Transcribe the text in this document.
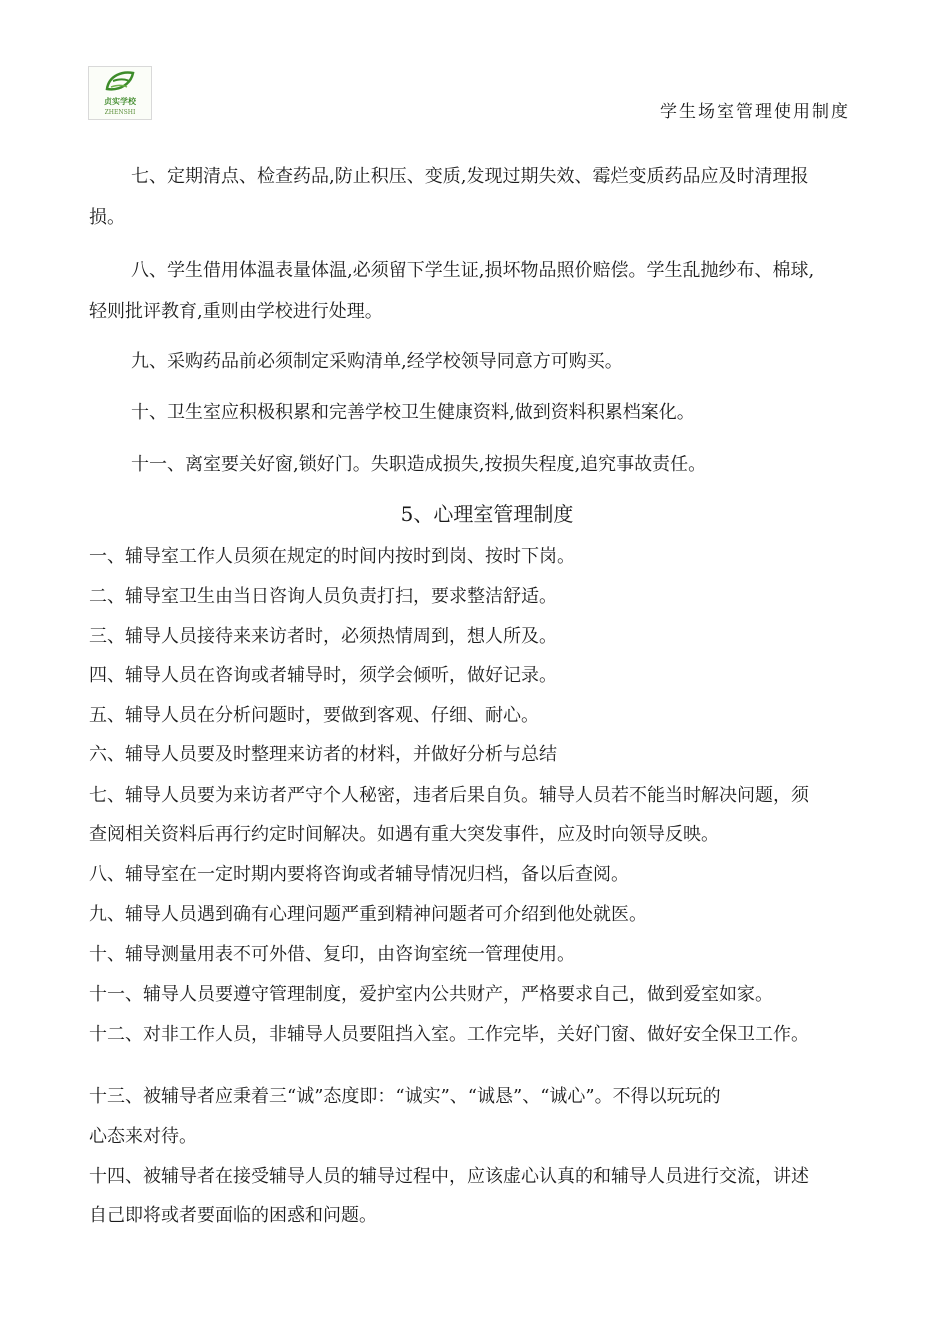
贞实学校
ZHENSHI	学生场室管理使用制度
七、定期清点、检查药品,防止积压、变质,发现过期失效、霉烂变质药品应及时清理报
损。
八、学生借用体温表量体温,必须留下学生证,损坏物品照价赔偿。学生乱抛纱布、棉球,
轻则批评教育,重则由学校进行处理。
九、采购药品前必须制定采购清单,经学校领导同意方可购买。
十、卫生室应积极积累和完善学校卫生健康资料,做到资料积累档案化。
十一、离室要关好窗,锁好门。失职造成损失,按损失程度,追究事故责任。
5、心理室管理制度
一、辅导室工作人员须在规定的时间内按时到岗、按时下岗。
二、辅导室卫生由当日咨询人员负责打扫，要求整洁舒适。
三、辅导人员接待来来访者时，必须热情周到，想人所及。
四、辅导人员在咨询或者辅导时，须学会倾听，做好记录。
五、辅导人员在分析问题时，要做到客观、仔细、耐心。
六、辅导人员要及时整理来访者的材料，并做好分析与总结
七、辅导人员要为来访者严守个人秘密，违者后果自负。辅导人员若不能当时解决问题，须
查阅相关资料后再行约定时间解决。如遇有重大突发事件，应及时向领导反映。
八、辅导室在一定时期内要将咨询或者辅导情况归档，备以后查阅。
九、辅导人员遇到确有心理问题严重到精神问题者可介绍到他处就医。
十、辅导测量用表不可外借、复印，由咨询室统一管理使用。
十一、辅导人员要遵守管理制度，爱护室内公共财产，严格要求自己，做到爱室如家。
十二、对非工作人员，非辅导人员要阻挡入室。工作完毕，关好门窗、做好安全保卫工作。
十三、被辅导者应秉着三“诚”态度即：“诚实”、“诚恳”、“诚心”。不得以玩玩的
心态来对待。
十四、被辅导者在接受辅导人员的辅导过程中，应该虚心认真的和辅导人员进行交流，讲述
自己即将或者要面临的困惑和问题。
